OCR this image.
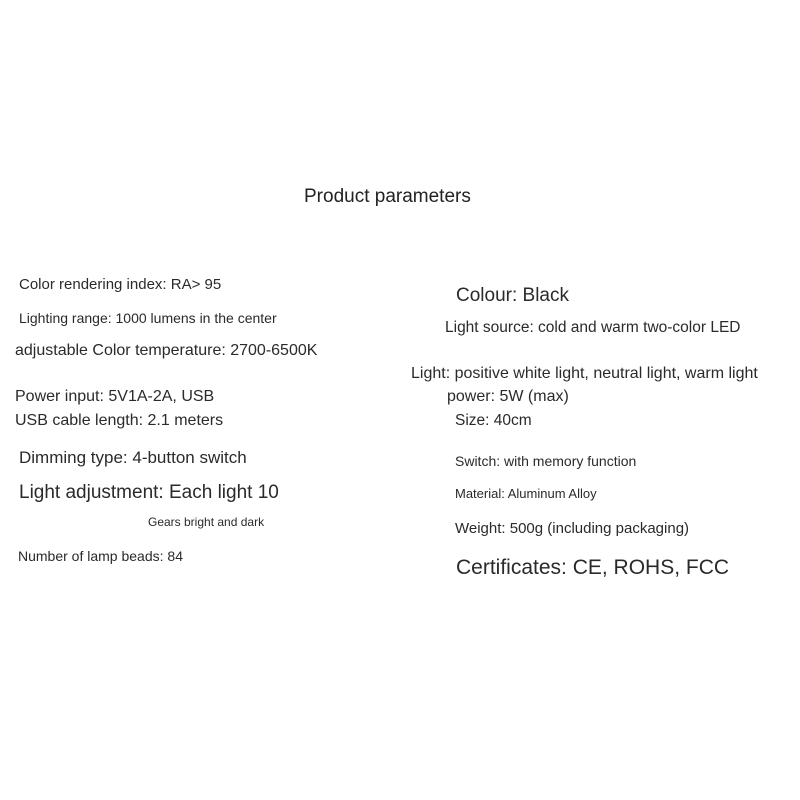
Product parameters
Color rendering index: RA> 95
Lighting range: 1000 lumens in the center
adjustable Color temperature: 2700-6500K
Power input: 5V1A-2A, USB
USB cable length: 2.1 meters
Dimming type: 4-button switch
Light adjustment: Each light 10
Gears bright and dark
Number of lamp beads: 84
Colour: Black
Light source: cold and warm two-color LED
Light: positive white light, neutral light, warm light
power: 5W (max)
Size: 40cm
Switch: with memory function
Material: Aluminum Alloy
Weight: 500g (including packaging)
Certificates: CE, ROHS, FCC
